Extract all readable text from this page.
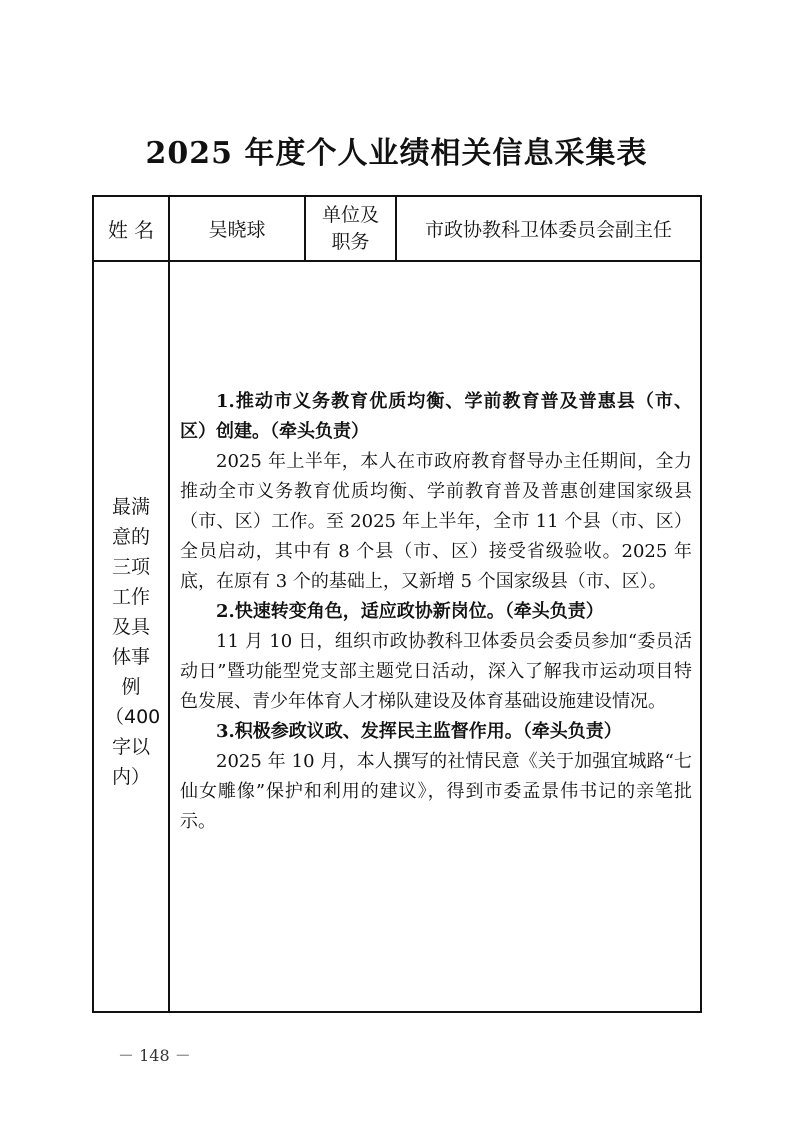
2025 年度个人业绩相关信息采集表
姓 名	吴晓球
单位及职务
市政协教科卫体委员会副主任
最满意的三项工作及具体事例（400字以内）

1.推动市义务教育优质均衡、学前教育普及普惠县（市、区）创建。（牵头负责）

2025 年上半年，本人在市政府教育督导办主任期间，全力推动全市义务教育优质均衡、学前教育普及普惠创建国家级县（市、区）工作。至 2025 年上半年，全市 11 个县（市、区）全员启动，其中有 8 个县（市、区）接受省级验收。2025 年底，在原有 3 个的基础上，又新增 5 个国家级县（市、区）。

2.快速转变角色，适应政协新岗位。（牵头负责）

11 月 10 日，组织市政协教科卫体委员会委员参加“委员活动日”暨功能型党支部主题党日活动，深入了解我市运动项目特色发展、青少年体育人才梯队建设及体育基础设施建设情况。

3.积极参政议政、发挥民主监督作用。（牵头负责）

2025 年 10 月，本人撰写的社情民意《关于加强宜城路“七仙女雕像”保护和利用的建议》，得到市委孟景伟书记的亲笔批示。

－ 148 －
